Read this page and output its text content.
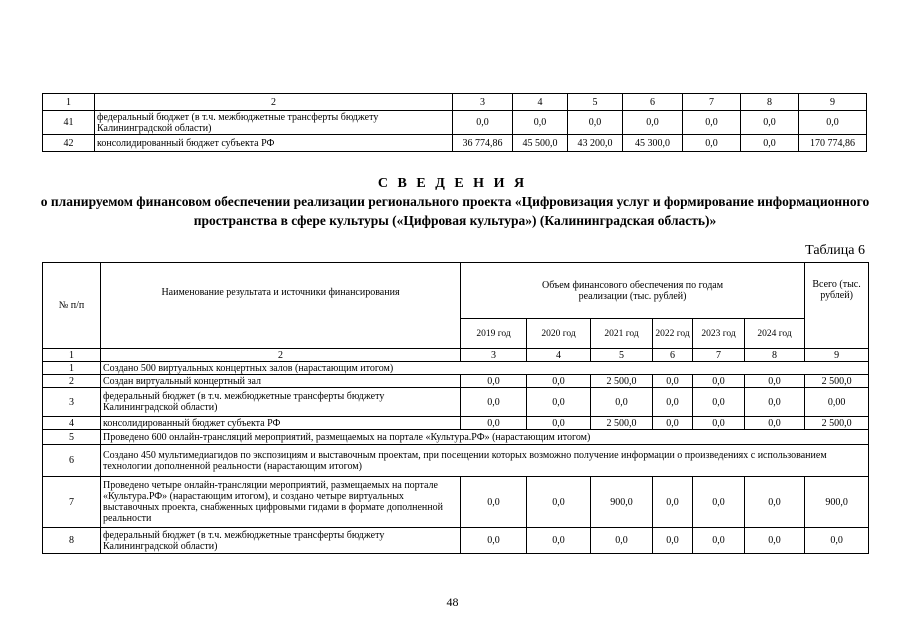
1	2	3	4	5	6	7	8	9
41	федеральный бюджет (в т.ч. межбюджетные трансферты бюджету Калининградской области)	0,0	0,0	0,0	0,0	0,0	0,0	0,0
42	консолидированный бюджет субъекта РФ	36 774,86	45 500,0	43 200,0	45 300,0	0,0	0,0	170 774,86
С В Е Д Е Н И Я
о планируемом финансовом обеспечении реализации регионального проекта «Цифровизация услуг и формирование информационного пространства в сфере культуры («Цифровая культура») (Калининградская область)»
Таблица 6
№ п/п	Наименование результата и источники финансирования	Объем финансового обеспечения по годам реализации (тыс. рублей)						Всего (тыс. рублей)
		2019 год	2020 год	2021 год	2022 год	2023 год	2024 год	
1	2	3	4	5	6	7	8	9
1	Создано 500 виртуальных концертных залов (нарастающим итогом)							
2	Создан виртуальный концертный зал	0,0	0,0	2 500,0	0,0	0,0	0,0	2 500,0
3	федеральный бюджет (в т.ч. межбюджетные трансферты бюджету Калининградской области)	0,0	0,0	0,0	0,0	0,0	0,0	0,00
4	консолидированный бюджет субъекта РФ	0,0	0,0	2 500,0	0,0	0,0	0,0	2 500,0
5	Проведено 600 онлайн-трансляций мероприятий, размещаемых на портале «Культура.РФ» (нарастающим итогом)							
6	Создано 450 мультимедиагидов по экспозициям и выставочным проектам, при посещении которых возможно получение информации о произведениях с использованием технологии дополненной реальности (нарастающим итогом)							
7	Проведено четыре онлайн-трансляции мероприятий, размещаемых на портале «Культура.РФ» (нарастающим итогом), и создано четыре виртуальных выставочных проекта, снабженных цифровыми гидами в формате дополненной реальности	0,0	0,0	900,0	0,0	0,0	0,0	900,0
8	федеральный бюджет (в т.ч. межбюджетные трансферты бюджету Калининградской области)	0,0	0,0	0,0	0,0	0,0	0,0	0,0
48
